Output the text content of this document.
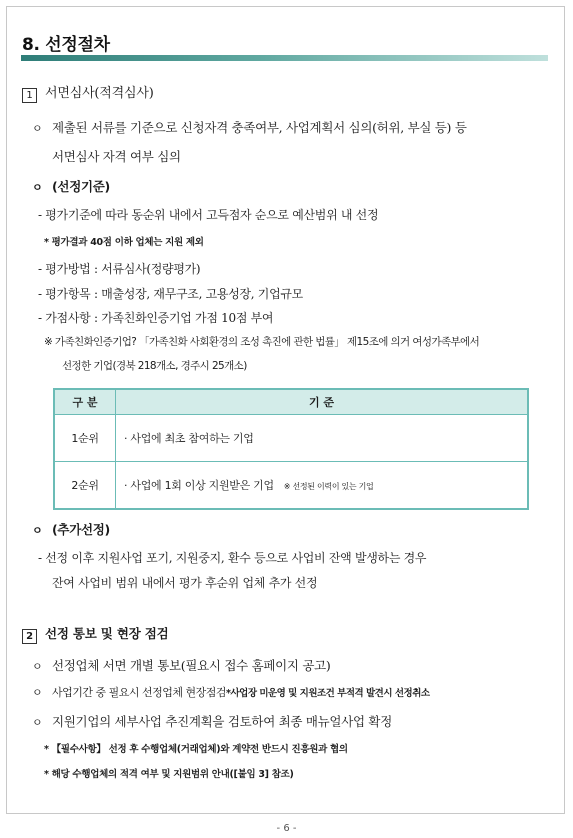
8. 선정절차
1 서면심사(적격심사)
ㅇ 제출된 서류를 기준으로 신청자격 충족여부, 사업계획서 심의(허위, 부실 등) 등
서면심사 자격 여부 심의
ㅇ (선정기준)
- 평가기준에 따라 동순위 내에서 고득점자 순으로 예산범위 내 선정
* 평가결과 40점 이하 업체는 지원 제외
- 평가방법 : 서류심사(정량평가)
- 평가항목 : 매출성장, 재무구조, 고용성장, 기업규모
- 가점사항 : 가족친화인증기업 가점 10점 부여
※ 가족친화인증기업? 「가족친화 사회환경의 조성 촉진에 관한 법률」 제15조에 의거 여성가족부에서
선정한 기업(경북 218개소, 경주시 25개소)
구 분	기 준
1순위	· 사업에 최초 참여하는 기업
2순위	· 사업에 1회 이상 지원받은 기업 ※ 선정된 이력이 있는 기업
ㅇ (추가선정)
- 선정 이후 지원사업 포기, 지원중지, 환수 등으로 사업비 잔액 발생하는 경우
잔여 사업비 범위 내에서 평가 후순위 업체 추가 선정
2 선정 통보 및 현장 점검
ㅇ 선정업체 서면 개별 통보(필요시 접수 홈페이지 공고)
ㅇ 사업기간 중 필요시 선정업체 현장점검*사업장 미운영 및 지원조건 부적격 발견시 선정취소
ㅇ 지원기업의 세부사업 추진계획을 검토하여 최종 매뉴얼사업 확정
* 【필수사항】 선정 후 수행업체(거래업체)와 계약전 반드시 진흥원과 협의
* 해당 수행업체의 적격 여부 및 지원범위 안내([붙임 3] 참조)
- 6 -
